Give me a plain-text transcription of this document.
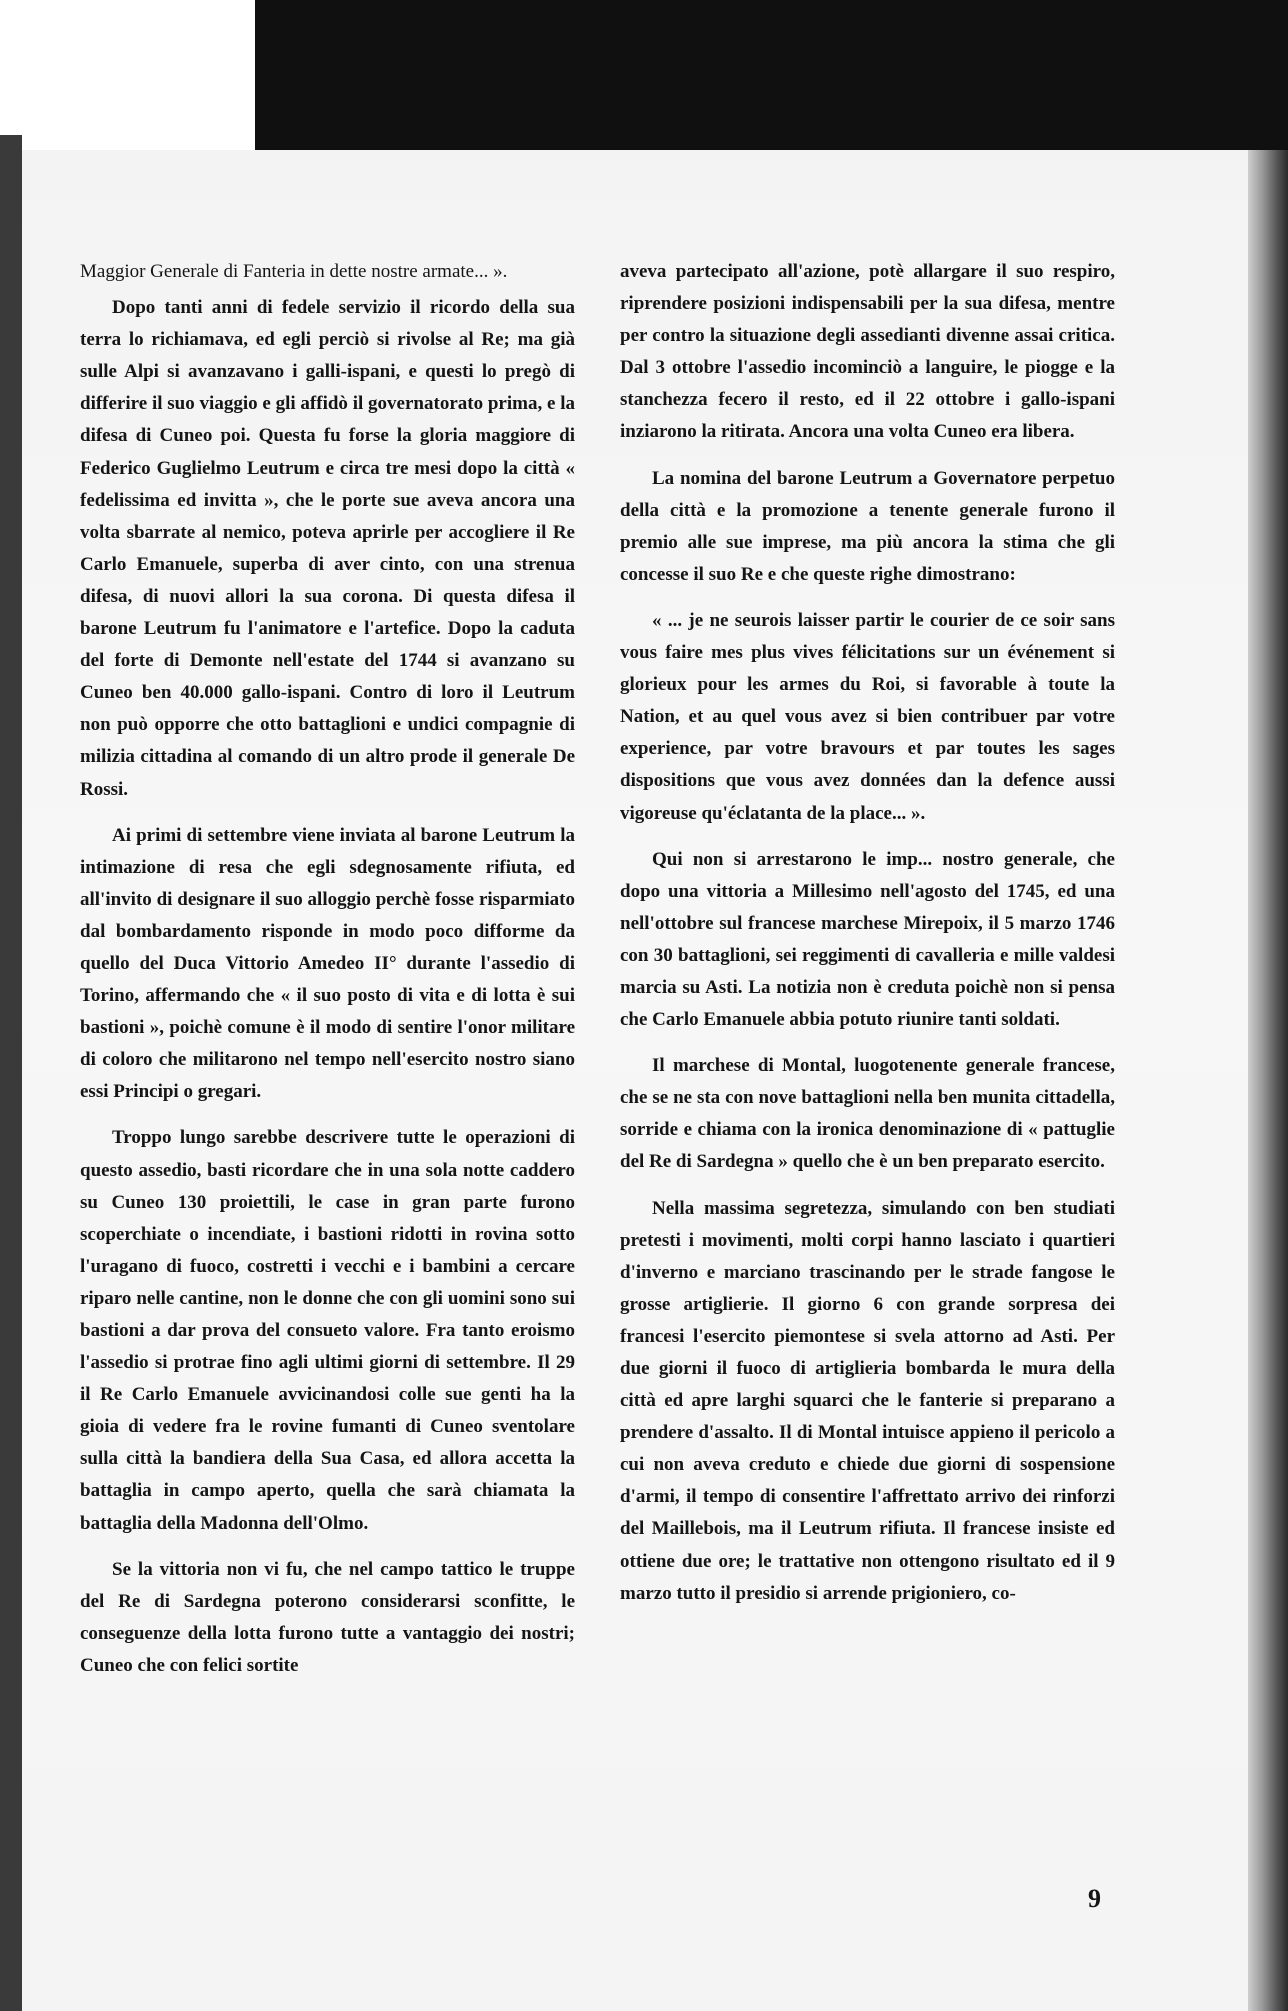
Maggior Generale di Fanteria in dette nostre armate... ».

Dopo tanti anni di fedele servizio il ricordo della sua terra lo richiamava, ed egli perciò si rivolse al Re; ma già sulle Alpi si avanzavano i galli-ispani, e questi lo pregò di differire il suo viaggio e gli affidò il governatorato prima, e la difesa di Cuneo poi. Questa fu forse la gloria maggiore di Federico Guglielmo Leutrum e circa tre mesi dopo la città « fedelissima ed invitta », che le porte sue aveva ancora una volta sbarrate al nemico, poteva aprirle per accogliere il Re Carlo Emanuele, superba di aver cinto, con una strenua difesa, di nuovi allori la sua corona. Di questa difesa il barone Leutrum fu l'animatore e l'artefice. Dopo la caduta del forte di Demonte nell'estate del 1744 si avanzano su Cuneo ben 40.000 gallo-ispani. Contro di loro il Leutrum non può opporre che otto battaglioni e undici compagnie di milizia cittadina al comando di un altro prode il generale De Rossi.

Ai primi di settembre viene inviata al barone Leutrum la intimazione di resa che egli sdegnosamente rifiuta, ed all'invito di designare il suo alloggio perchè fosse risparmiato dal bombardamento risponde in modo poco difforme da quello del Duca Vittorio Amedeo II° durante l'assedio di Torino, affermando che « il suo posto di vita e di lotta è sui bastioni », poichè comune è il modo di sentire l'onor militare di coloro che militarono nel tempo nell'esercito nostro siano essi Principi o gregari.

Troppo lungo sarebbe descrivere tutte le operazioni di questo assedio, basti ricordare che in una sola notte caddero su Cuneo 130 proiettili, le case in gran parte furono scoperchiate o incendiate, i bastioni ridotti in rovina sotto l'uragano di fuoco, costretti i vecchi e i bambini a cercare riparo nelle cantine, non le donne che con gli uomini sono sui bastioni a dar prova del consueto valore. Fra tanto eroismo l'assedio si protrae fino agli ultimi giorni di settembre. Il 29 il Re Carlo Emanuele avvicinandosi colle sue genti ha la gioia di vedere fra le rovine fumanti di Cuneo sventolare sulla città la bandiera della Sua Casa, ed allora accetta la battaglia in campo aperto, quella che sarà chiamata la battaglia della Madonna dell'Olmo.

Se la vittoria non vi fu, che nel campo tattico le truppe del Re di Sardegna poterono considerarsi sconfitte, le conseguenze della lotta furono tutte a vantaggio dei nostri; Cuneo che con felici sortite

aveva partecipato all'azione, potè allargare il suo respiro, riprendere posizioni indispensabili per la sua difesa, mentre per contro la situazione degli assedianti divenne assai critica. Dal 3 ottobre l'assedio incominciò a languire, le piogge e la stanchezza fecero il resto, ed il 22 ottobre i gallo-ispani inziarono la ritirata. Ancora una volta Cuneo era libera.

La nomina del barone Leutrum a Governatore perpetuo della città e la promozione a tenente generale furono il premio alle sue imprese, ma più ancora la stima che gli concesse il suo Re e che queste righe dimostrano:

« ... je ne seurois laisser partir le courier de ce soir sans vous faire mes plus vives félicitations sur un événement si glorieux pour les armes du Roi, si favorable à toute la Nation, et au quel vous avez si bien contribuer par votre experience, par votre bravours et par toutes les sages dispositions que vous avez données dan la defence aussi vigoreuse qu'éclatanta de la place... ».

Qui non si arrestarono le imp... nostro generale, che dopo una vittoria a Millesimo nell'agosto del 1745, ed una nell'ottobre sul francese marchese Mirepoix, il 5 marzo 1746 con 30 battaglioni, sei reggimenti di cavalleria e mille valdesi marcia su Asti. La notizia non è creduta poichè non si pensa che Carlo Emanuele abbia potuto riunire tanti soldati.

Il marchese di Montal, luogotenente generale francese, che se ne sta con nove battaglioni nella ben munita cittadella, sorride e chiama con la ironica denominazione di « pattuglie del Re di Sardegna » quello che è un ben preparato esercito.

Nella massima segretezza, simulando con ben studiati pretesti i movimenti, molti corpi hanno lasciato i quartieri d'inverno e marciano trascinando per le strade fangose le grosse artiglierie. Il giorno 6 con grande sorpresa dei francesi l'esercito piemontese si svela attorno ad Asti. Per due giorni il fuoco di artiglieria bombarda le mura della città ed apre larghi squarci che le fanterie si preparano a prendere d'assalto. Il di Montal intuisce appieno il pericolo a cui non aveva creduto e chiede due giorni di sospensione d'armi, il tempo di consentire l'affrettato arrivo dei rinforzi del Maillebois, ma il Leutrum rifiuta. Il francese insiste ed ottiene due ore; le trattative non ottengono risultato ed il 9 marzo tutto il presidio si arrende prigioniero, co-

9
